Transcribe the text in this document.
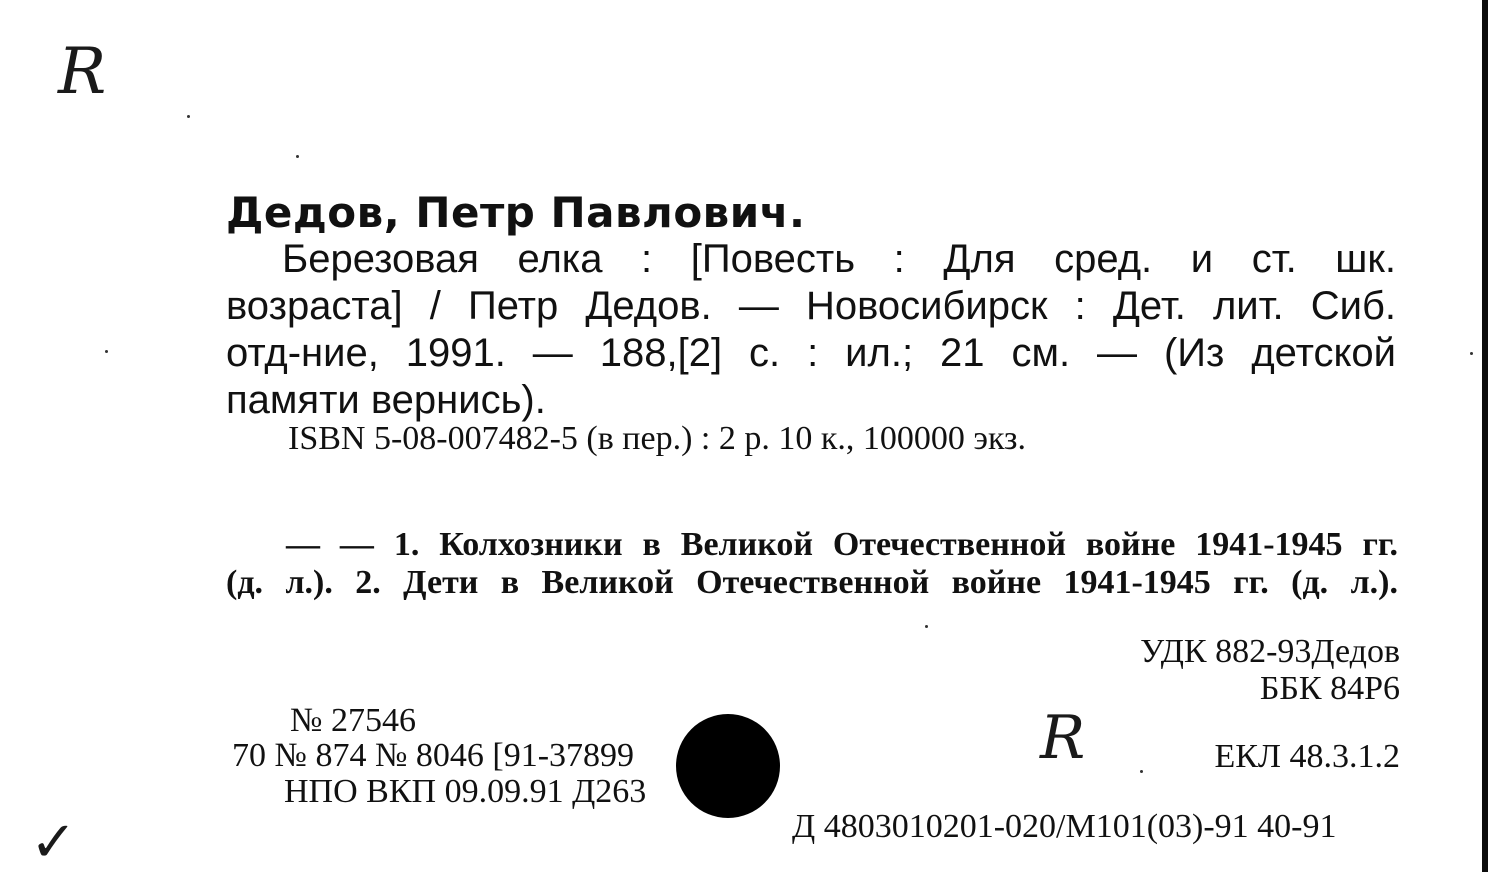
R
R
✓
Дедов, Петр Павлович.
Березовая елка : [Повесть : Для сред. и ст. шк.
возраста] / Петр Дедов. — Новосибирск : Дет. лит. Сиб.
отд-ние, 1991. — 188,[2] с. : ил.; 21 см. — (Из детской
памяти вернись).
ISBN 5-08-007482-5 (в пер.) : 2 р. 10 к., 100000 экз.
— — 1. Колхозники в Великой Отечественной войне 1941-1945 гг.
(д. л.). 2. Дети в Великой Отечественной войне 1941-1945 гг. (д. л.).
УДК 882-93Дедов
ББК 84Р6
ЕКЛ 48.3.1.2
№ 27546
70 № 874 № 8046 [91-37899
НПО ВКП 09.09.91 Д263
Д 4803010201-020/М101(03)-91 40-91
